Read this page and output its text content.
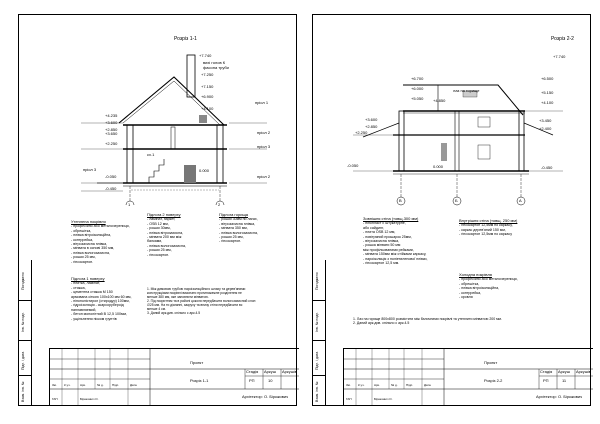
Розріз 1-1
1	2
+7.740
вихі голов К
фасона труби
+7.250
+7.150
+6.900
+4.100
+4.235
+3.650
+3.600
+2.850
+2.250
0.000
-0.050
-0.450
пріол 1
пріол 2
пріол 3
пріол 2
пріол 3
сх.1
Утеплена покрівля
- професійно або металочерепиця,
- обрешітка,
- плівка вітроізоляційна,
- контррейка,
- вітрозахисна плівка,
- мінвата в основі 350 мм,
- плівка вологозахисна,
- рошки 25 мм,
- гіпсокартон.
Підлога 1 поверху
- плитка, ламінат,
- стяжка,
- цементна стяжка М 150
армована сіткою 100х100 мм 60 мм,
- пінополістирол (стиродур) 100мм,
- гідроізоляція - скарсорубероід
наплавляемий,
- бетон монолітний В 12,5 100мм,
- ущільнення піском грунтів
Підлога 2 поверху
- ламінат, паркет,
- OSB 12 мм,
- рошки 30мм,
- плівка вітрозахисна,
- мінвата 200 мм між
балками,
- плівка вологозахисна,
- рошки 25 мм,
- гіпсокартон.
Підлога горища
- рошки 30мм по лагах,
- вітрозахисна плівка,
- мінвата 350 мм,
- плівка вологозахисна,
- рошки 25 мм,
- гіпсокартон.
1. Між димовою трубою пароізоляційного шлаху та дерев'яними
конструкціями покрівлі виконати протипожежне розділення не
менше 380 мм, яке заповнити мінватою.
2. Під покриттям та в районі цоколя передбачити вологозахисний слоп
∅25 мм. На ти діаганні, закруху та внизу стіни передбачити вс
менше 4 см.
3. Даний арк.див. спільно с арк.4.5
Погоджено
Інв. № подп.
Підп. і дата
Взам. інв. №
Проект
Стадія Аркуш Аркушів
РП	10
Розріз 1-1
Архітектор: О. Біркжович
Зм. К.уч.	Арк.	№ д.	Підп.	Дата
ГАП	Бірюкович О.
Розріз 2-2
В	Б	А
+7.740
+6.700	+6.500
+6.000
+5.150
+5.050 +4.850	+4.100
+3.600	+3.450
+2.850	+2.400
+2.250
0.000
-0.050	-0.450
лаз на горище
Зовнішня стіна (товщ.300 мм)
- пінопласт її штукатурне,
або сайдинг,
- плита OSB 12 мм,
- повітряний прошарок 25мм,
- вітрозахисна плівка,
- рошка мінвати 50 мм
між профільованими рейками,
- мінвата 150мм між стійками каркасу,
- пароізоляція з поліетиленової плівки,
- гіпсокартон 12,5 мм.
Внутрішня стіна (товщ. 250 мм)
- гіпсокартон 12,5мм по каркасу,
- каркас дерев'яний 150 мм,
- гіпсокартон 12,5мм по каркасу
Холодна покрівля
- професійно або металочерепиця,
- обрешітка,
- плівка вітроізоляційна,
- контррейка,
- кровля
1. Лаз на горище 800х800 розмістити між балочними покрівлі та утеплити мінватою 200 мм.
2. Даний арк.див. спільно с арк.4.5
Погоджено
Інв. № подп.
Підп. і дата
Взам. інв. №
Проект
Стадія Аркуш Аркушів
РП	11
Розріз 2-2
Архітектор: О. Біркжович
Зм. К.уч.	Арк.	№ д.	Підп.	Дата
ГАП	Бірюкович О.
